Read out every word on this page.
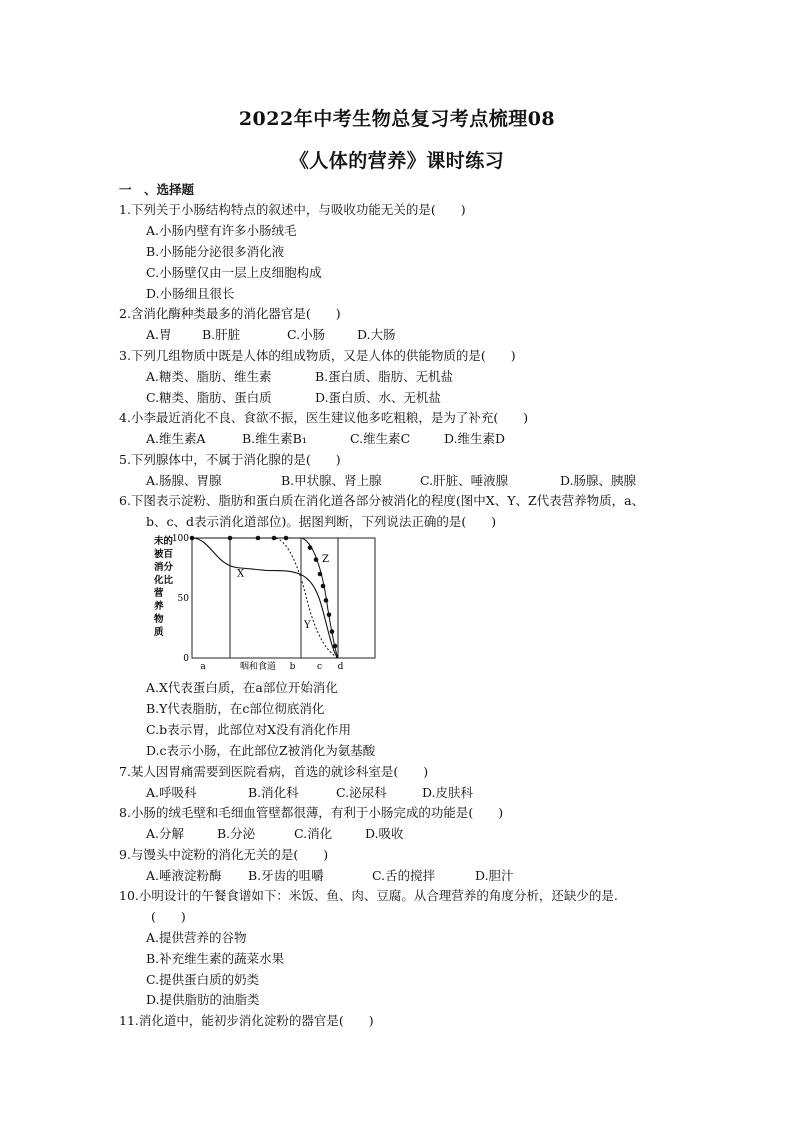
2022年中考生物总复习考点梳理08
《人体的营养》课时练习
一　、选择题
1.下列关于小肠结构特点的叙述中，与吸收功能无关的是(　　)
A.小肠内壁有许多小肠绒毛
B.小肠能分泌很多消化液
C.小肠壁仅由一层上皮细胞构成
D.小肠细且很长
2.含消化酶种类最多的消化器官是(　　)
A.胃 B.肝脏	C.小肠	D.大肠
3.下列几组物质中既是人体的组成物质，又是人体的供能物质的是(　　)
A.糖类、脂肪、维生素	B.蛋白质、脂肪、无机盐
C.糖类、脂肪、蛋白质	D.蛋白质、水、无机盐
4.小李最近消化不良、食欲不振，医生建议他多吃粗粮，是为了补充(　　)
A.维生素A	B.维生素B₁	C.维生素C	D.维生素D
5.下列腺体中，不属于消化腺的是(　　)
A.肠腺、胃腺	B.甲状腺、肾上腺	C.肝脏、唾液腺	D.肠腺、胰腺
6.下图表示淀粉、脂肪和蛋白质在消化道各部分被消化的程度(图中X、Y、Z代表营养物质，a、
b、c、d表示消化道部位)。据图判断，下列说法正确的是(　　)
100
50
0
a	咽和食道 b c d
未的
被百
消分
化比
营
养
物
质
X
Y
Z
A.X代表蛋白质，在a部位开始消化
B.Y代表脂肪，在c部位彻底消化
C.b表示胃，此部位对X没有消化作用
D.c表示小肠，在此部位Z被消化为氨基酸
7.某人因胃痛需要到医院看病，首选的就诊科室是(　　)
A.呼吸科	B.消化科	C.泌尿科	D.皮肤科
8.小肠的绒毛壁和毛细血管壁都很薄，有利于小肠完成的功能是(　　)
A.分解	B.分泌	C.消化	D.吸收
9.与馒头中淀粉的消化无关的是(　　)
A.唾液淀粉酶 B.牙齿的咀嚼	C.舌的搅拌	D.胆汁
10.小明设计的午餐食谱如下：米饭、鱼、肉、豆腐。从合理营养的角度分析，还缺少的是.
(　　)
A.提供营养的谷物
B.补充维生素的蔬菜水果
C.提供蛋白质的奶类
D.提供脂肪的油脂类
11.消化道中，能初步消化淀粉的器官是(　　)
